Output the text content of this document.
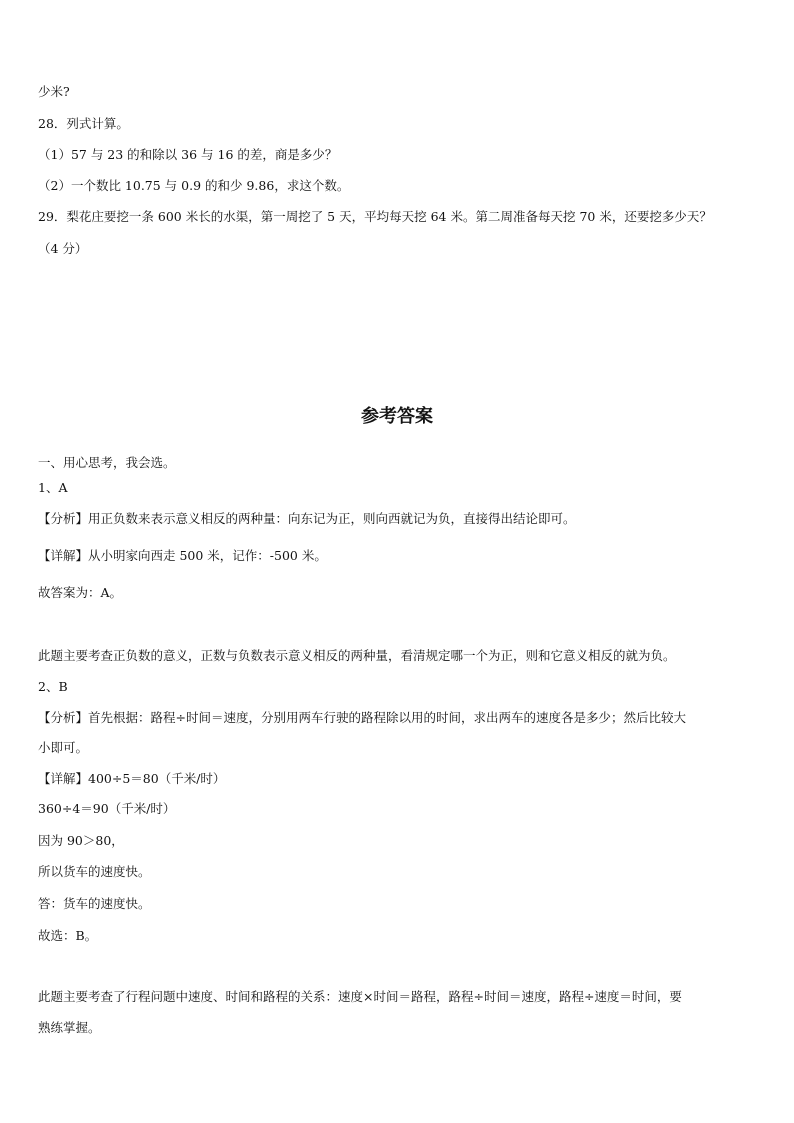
少米?
28．列式计算。
（1）57 与 23 的和除以 36 与 16 的差，商是多少？
（2）一个数比 10.75 与 0.9 的和少 9.86，求这个数。
29．梨花庄要挖一条 600 米长的水渠，第一周挖了 5 天，平均每天挖 64 米。第二周准备每天挖 70 米，还要挖多少天？
（4 分）
参考答案
一、用心思考，我会选。
1、A
【分析】用正负数来表示意义相反的两种量：向东记为正，则向西就记为负，直接得出结论即可。
【详解】从小明家向西走 500 米，记作：-500 米。
故答案为：A。
此题主要考查正负数的意义，正数与负数表示意义相反的两种量，看清规定哪一个为正，则和它意义相反的就为负。
2、B
【分析】首先根据：路程÷时间＝速度，分别用两车行驶的路程除以用的时间，求出两车的速度各是多少；然后比较大
小即可。
【详解】400÷5＝80（千米/时）
360÷4＝90（千米/时）
因为 90＞80，
所以货车的速度快。
答：货车的速度快。
故选：B。
此题主要考查了行程问题中速度、时间和路程的关系：速度×时间＝路程，路程÷时间＝速度，路程÷速度＝时间，要
熟练掌握。
